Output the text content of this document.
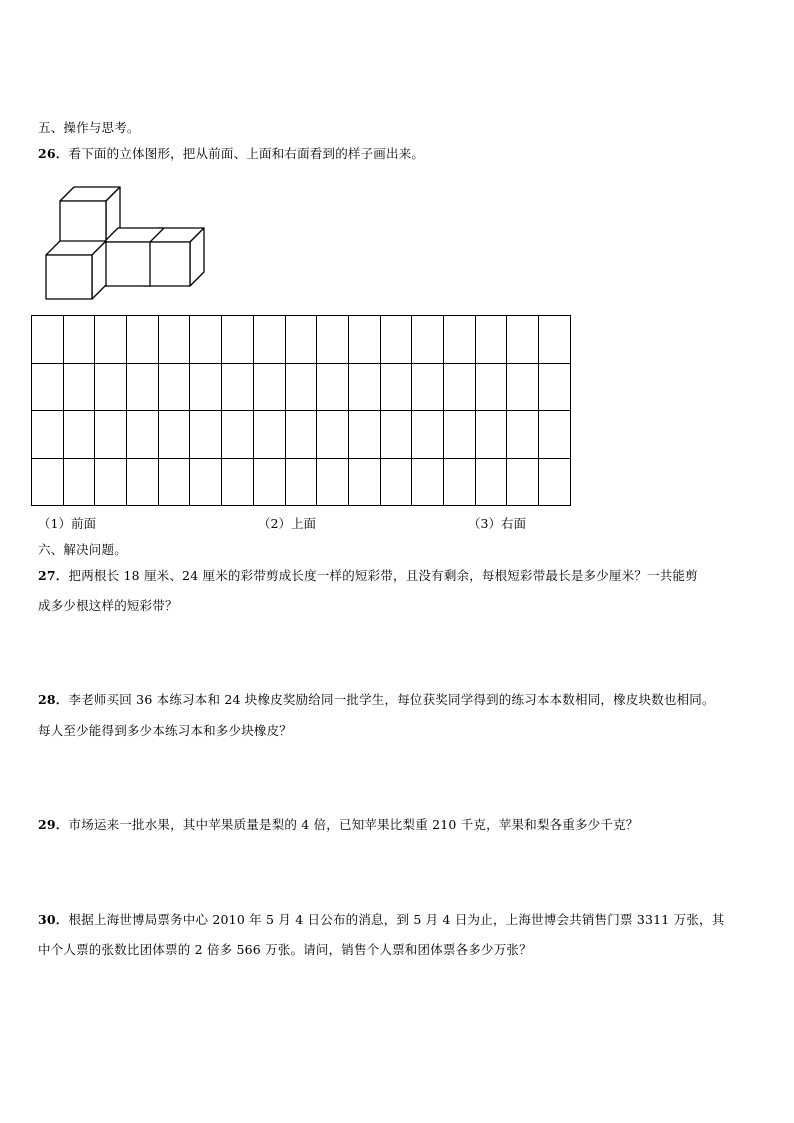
五、操作与思考。
26．看下面的立体图形，把从前面、上面和右面看到的样子画出来。

（1）前面	（2）上面	（3）右面
六、解决问题。
27．把两根长 18 厘米、24 厘米的彩带剪成长度一样的短彩带，且没有剩余，每根短彩带最长是多少厘米？一共能剪
成多少根这样的短彩带？
28．李老师买回 36 本练习本和 24 块橡皮奖励给同一批学生，每位获奖同学得到的练习本本数相同，橡皮块数也相同。
每人至少能得到多少本练习本和多少块橡皮？
29．市场运来一批水果，其中苹果质量是梨的 4 倍，已知苹果比梨重 210 千克，苹果和梨各重多少千克？
30．根据上海世博局票务中心 2010 年 5 月 4 日公布的消息，到 5 月 4 日为止，上海世博会共销售门票 3311 万张，其
中个人票的张数比团体票的 2 倍多 566 万张。请问，销售个人票和团体票各多少万张？
